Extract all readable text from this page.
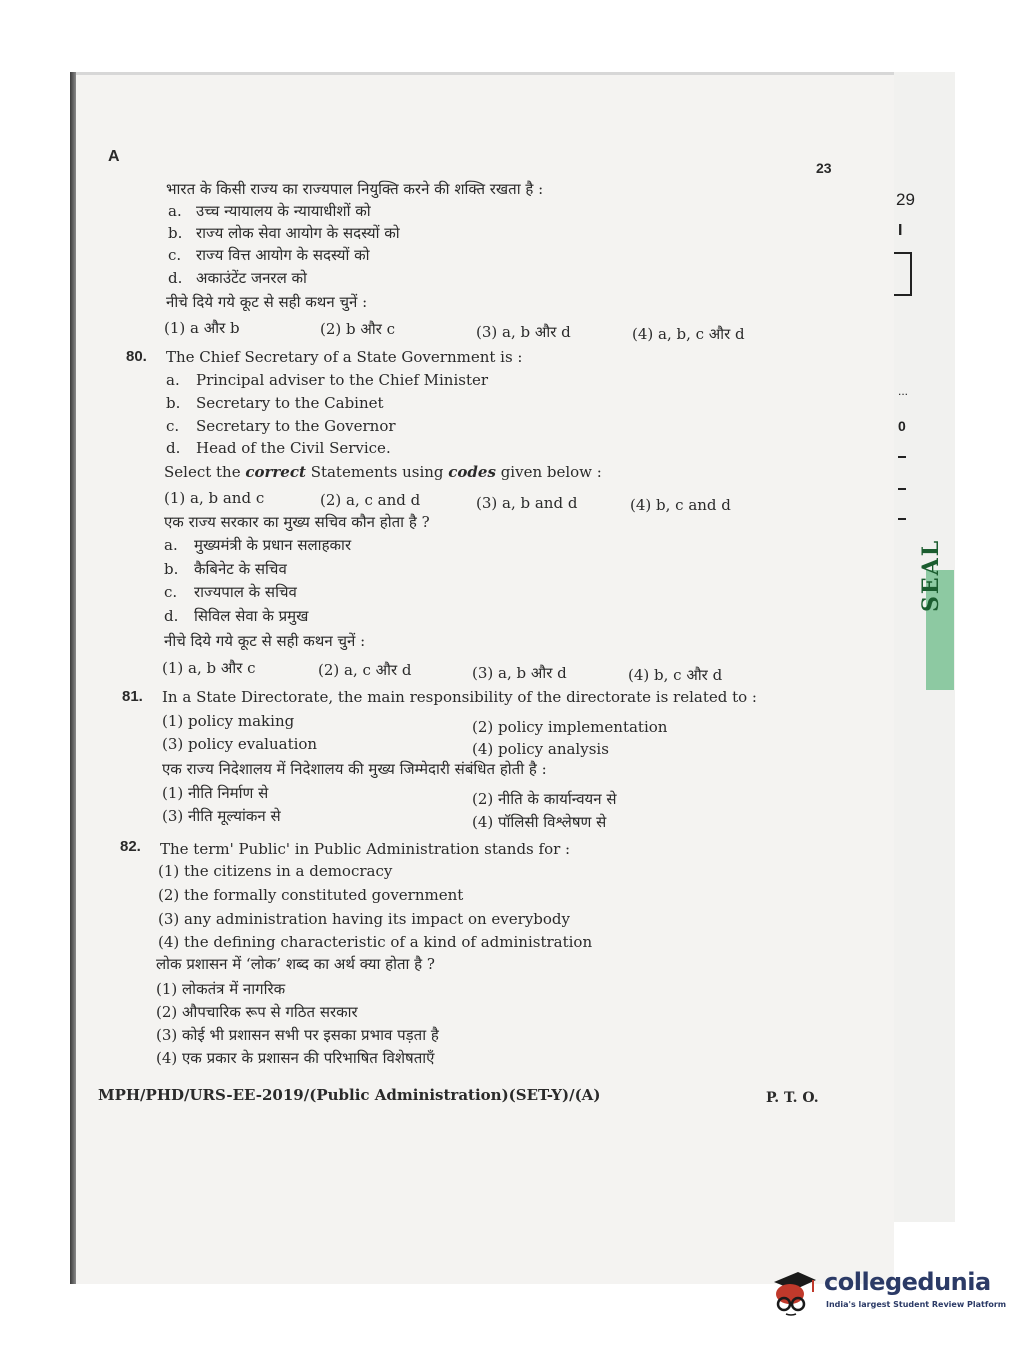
29
I
...
0
SEAL
A
23
भारत के किसी राज्य का राज्यपाल नियुक्ति करने की शक्ति रखता है :
a. उच्च न्यायालय के न्यायाधीशों को
b. राज्य लोक सेवा आयोग के सदस्यों को
c. राज्य वित्त आयोग के सदस्यों को
d. अकाउंटेंट जनरल को
नीचे दिये गये कूट से सही कथन चुनें :
(1) a और b	(2) b और c	(3) a, b और d	(4) a, b, c और d
80. The Chief Secretary of a State Government is :
a. Principal adviser to the Chief Minister
b. Secretary to the Cabinet
c. Secretary to the Governor
d. Head of the Civil Service.
Select the correct Statements using codes given below :
(1) a, b and c	(2) a, c and d	(3) a, b and d	(4) b, c and d
एक राज्य सरकार का मुख्य सचिव कौन होता है ?
a. मुख्यमंत्री के प्रधान सलाहकार
b. कैबिनेट के सचिव
c. राज्यपाल के सचिव
d. सिविल सेवा के प्रमुख
नीचे दिये गये कूट से सही कथन चुनें :
(1) a, b और c	(2) a, c और d	(3) a, b और d	(4) b, c और d
81. In a State Directorate, the main responsibility of the directorate is related to :
(1) policy making	(2) policy implementation
(3) policy evaluation	(4) policy analysis
एक राज्य निदेशालय में निदेशालय की मुख्य जिम्मेदारी संबंधित होती है :
(1) नीति निर्माण से	(2) नीति के कार्यान्वयन से
(3) नीति मूल्यांकन से	(4) पॉलिसी विश्लेषण से
82. The term' Public' in Public Administration stands for :
(1) the citizens in a democracy
(2) the formally constituted government
(3) any administration having its impact on everybody
(4) the defining characteristic of a kind of administration
लोक प्रशासन में ‘लोक’ शब्द का अर्थ क्या होता है ?
(1) लोकतंत्र में नागरिक
(2) औपचारिक रूप से गठित सरकार
(3) कोई भी प्रशासन सभी पर इसका प्रभाव पड़ता है
(4) एक प्रकार के प्रशासन की परिभाषित विशेषताएँ
MPH/PHD/URS-EE-2019/(Public Administration)(SET-Y)/(A)	P. T. O.
collegedunia
India's largest Student Review Platform
